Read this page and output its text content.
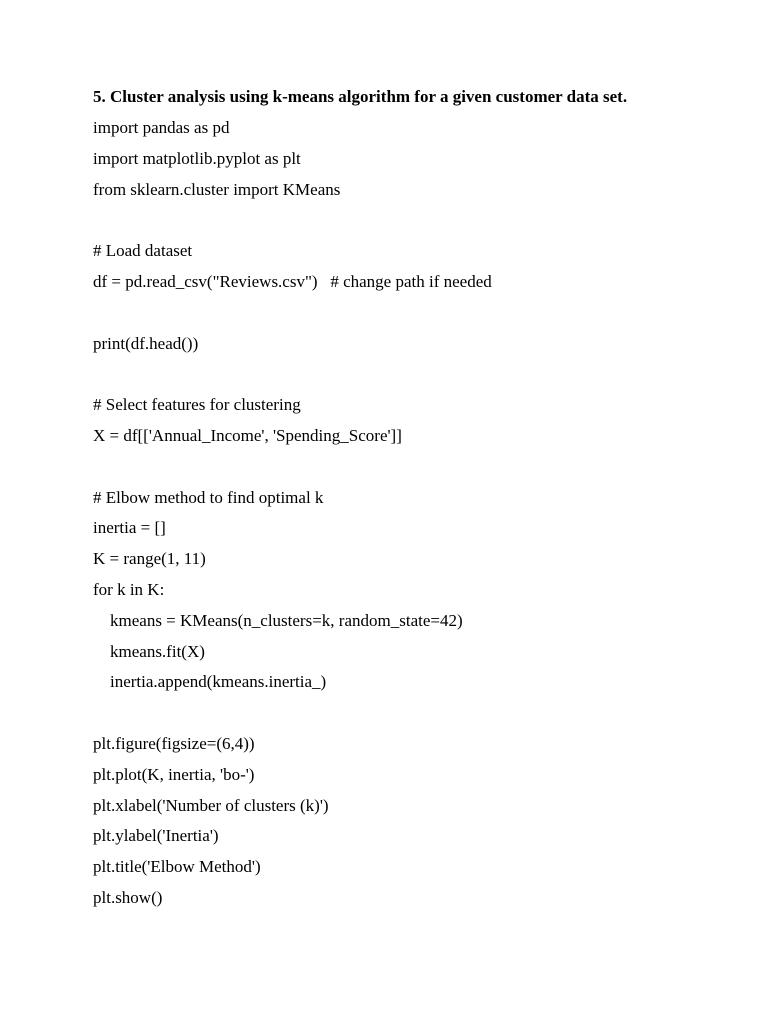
5. Cluster analysis using k-means algorithm for a given customer data set.
import pandas as pd
import matplotlib.pyplot as plt
from sklearn.cluster import KMeans
# Load dataset
df = pd.read_csv("Reviews.csv")   # change path if needed
print(df.head())
# Select features for clustering
X = df[['Annual_Income', 'Spending_Score']]
# Elbow method to find optimal k
inertia = []
K = range(1, 11)
for k in K:
kmeans = KMeans(n_clusters=k, random_state=42)
kmeans.fit(X)
inertia.append(kmeans.inertia_)
plt.figure(figsize=(6,4))
plt.plot(K, inertia, 'bo-')
plt.xlabel('Number of clusters (k)')
plt.ylabel('Inertia')
plt.title('Elbow Method')
plt.show()
